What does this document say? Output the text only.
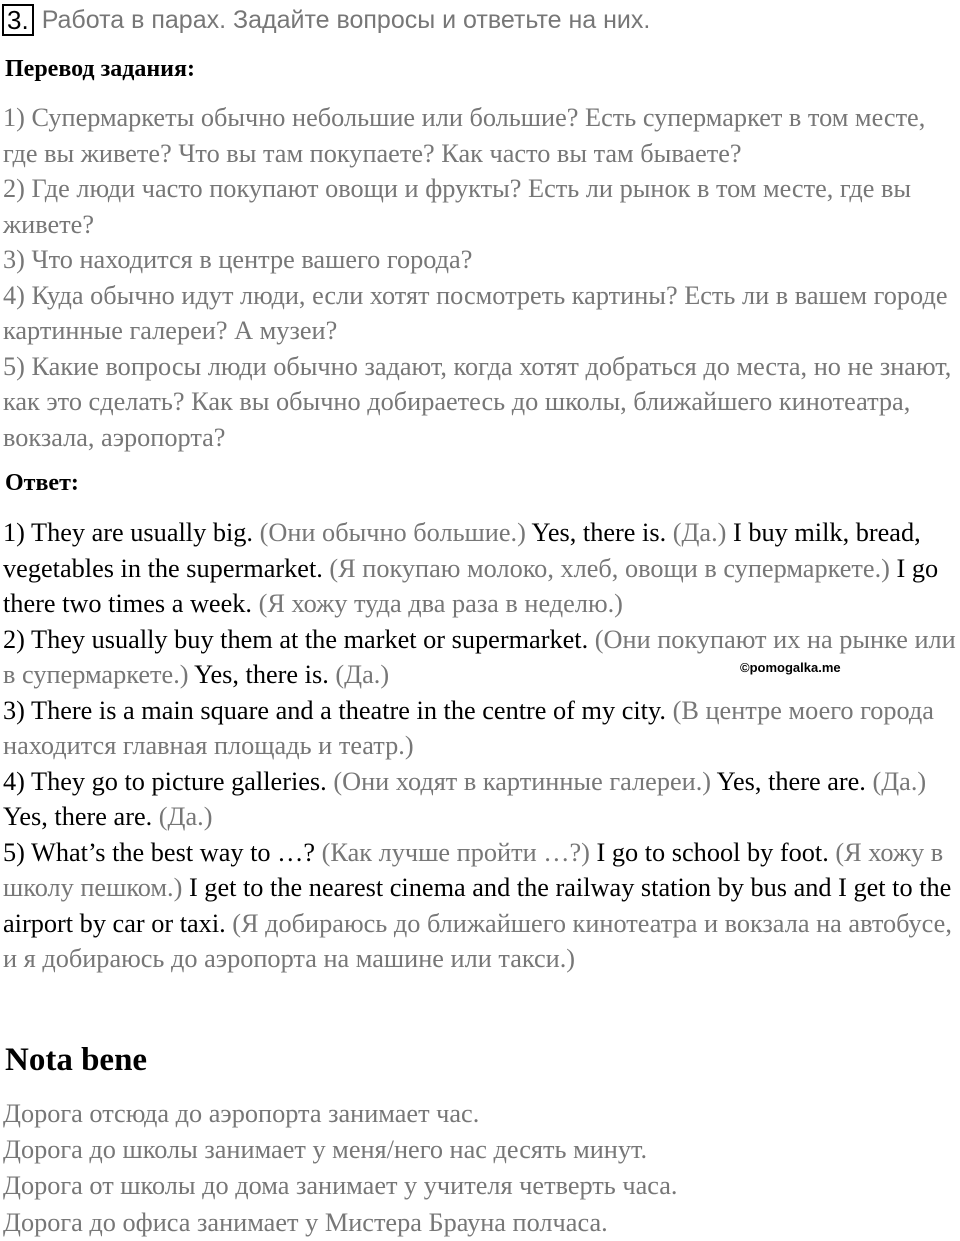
3. Работа в парах. Задайте вопросы и ответьте на них.
Перевод задания:

1) Супермаркеты обычно небольшие или большие? Есть супермаркет в том месте, где вы живете? Что вы там покупаете? Как часто вы там бываете?

2) Где люди часто покупают овощи и фрукты? Есть ли рынок в том месте, где вы живете?

3) Что находится в центре вашего города?

4) Куда обычно идут люди, если хотят посмотреть картины? Есть ли в вашем городе картинные галереи? А музеи?

5) Какие вопросы люди обычно задают, когда хотят добраться до места, но не знают, как это сделать? Как вы обычно добираетесь до школы, ближайшего кинотеатра, вокзала, аэропорта?

Ответ:

1) They are usually big. (Они обычно большие.) Yes, there is. (Да.) I buy milk, bread, vegetables in the supermarket. (Я покупаю молоко, хлеб, овощи в супермаркете.) I go there two times a week. (Я хожу туда два раза в неделю.)

2) They usually buy them at the market or supermarket. (Они покупают их на рынке или в супермаркете.) Yes, there is. (Да.)

3) There is a main square and a theatre in the centre of my city. (В центре моего города находится главная площадь и театр.)

4) They go to picture galleries. (Они ходят в картинные галереи.) Yes, there are. (Да.) Yes, there are. (Да.)

5) What’s the best way to …? (Как лучше пройти …?) I go to school by foot. (Я хожу в школу пешком.) I get to the nearest cinema and the railway station by bus and I get to the airport by car or taxi. (Я добираюсь до ближайшего кинотеатра и вокзала на автобусе, и я добираюсь до аэропорта на машине или такси.)

©pomogalka.me
Nota bene

Дорога отсюда до аэропорта занимает час.

Дорога до школы занимает у меня/него нас десять минут.

Дорога от школы до дома занимает у учителя четверть часа.

Дорога до офиса занимает у Мистера Брауна полчаса.
